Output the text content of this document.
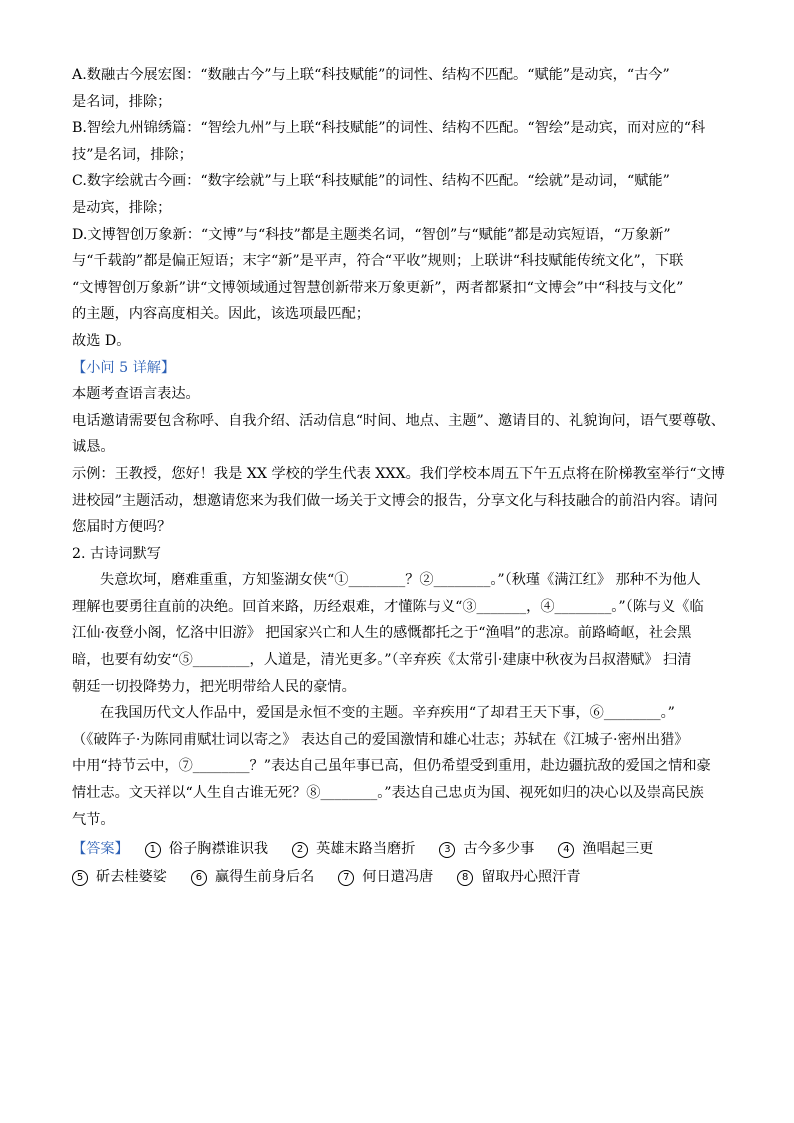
A.数融古今展宏图：“数融古今”与上联“科技赋能”的词性、结构不匹配。“赋能”是动宾，“古今”

是名词，排除；

B.智绘九州锦绣篇：“智绘九州”与上联“科技赋能”的词性、结构不匹配。“智绘”是动宾，而对应的“科

技”是名词，排除；

C.数字绘就古今画：“数字绘就”与上联“科技赋能”的词性、结构不匹配。“绘就”是动词，“赋能”

是动宾，排除；

D.文博智创万象新：“文博”与“科技”都是主题类名词，“智创”与“赋能”都是动宾短语，“万象新”

与“千载韵”都是偏正短语；末字“新”是平声，符合“平收”规则；上联讲“科技赋能传统文化”，下联

“文博智创万象新”讲“文博领域通过智慧创新带来万象更新”，两者都紧扣“文博会”中“科技与文化”

的主题，内容高度相关。因此，该选项最匹配；

故选 D。

【小问 5 详解】

本题考查语言表达。

电话邀请需要包含称呼、自我介绍、活动信息“时间、地点、主题”、邀请目的、礼貌询问，语气要尊敬、

诚恳。

示例：王教授，您好！我是 XX 学校的学生代表 XXX。我们学校本周五下午五点将在阶梯教室举行“文博

进校园”主题活动，想邀请您来为我们做一场关于文博会的报告，分享文化与科技融合的前沿内容。请问

您届时方便吗？

2. 古诗词默写

失意坎坷，磨难重重，方知鉴湖女侠“①________？②________。”（秋瑾《满江红》 那种不为他人

理解也要勇往直前的决绝。回首来路，历经艰难，才懂陈与义“③_______，④________。”（陈与义《临

江仙·夜登小阁，忆洛中旧游》 把国家兴亡和人生的感慨都托之于“渔唱”的悲凉。前路崎岖，社会黑

暗，也要有幼安“⑤________，人道是，清光更多。”（辛弃疾《太常引·建康中秋夜为吕叔潜赋》 扫清

朝廷一切投降势力，把光明带给人民的豪情。

在我国历代文人作品中，爱国是永恒不变的主题。辛弃疾用“了却君王天下事，⑥________。”

（《破阵子·为陈同甫赋壮词以寄之》 表达自己的爱国激情和雄心壮志；苏轼在《江城子·密州出猎》

中用“持节云中，⑦________？”表达自己虽年事已高，但仍希望受到重用，赴边疆抗敌的爱国之情和豪

情壮志。文天祥以“人生自古谁无死？⑧________。”表达自己忠贞为国、视死如归的决心以及崇高民族

气节。

【答案】	1 俗子胸襟谁识我	2 英雄末路当磨折	3 古今多少事	4 渔唱起三更
5 斫去桂婆娑	6 赢得生前身后名	7 何日遣冯唐	8 留取丹心照汗青
